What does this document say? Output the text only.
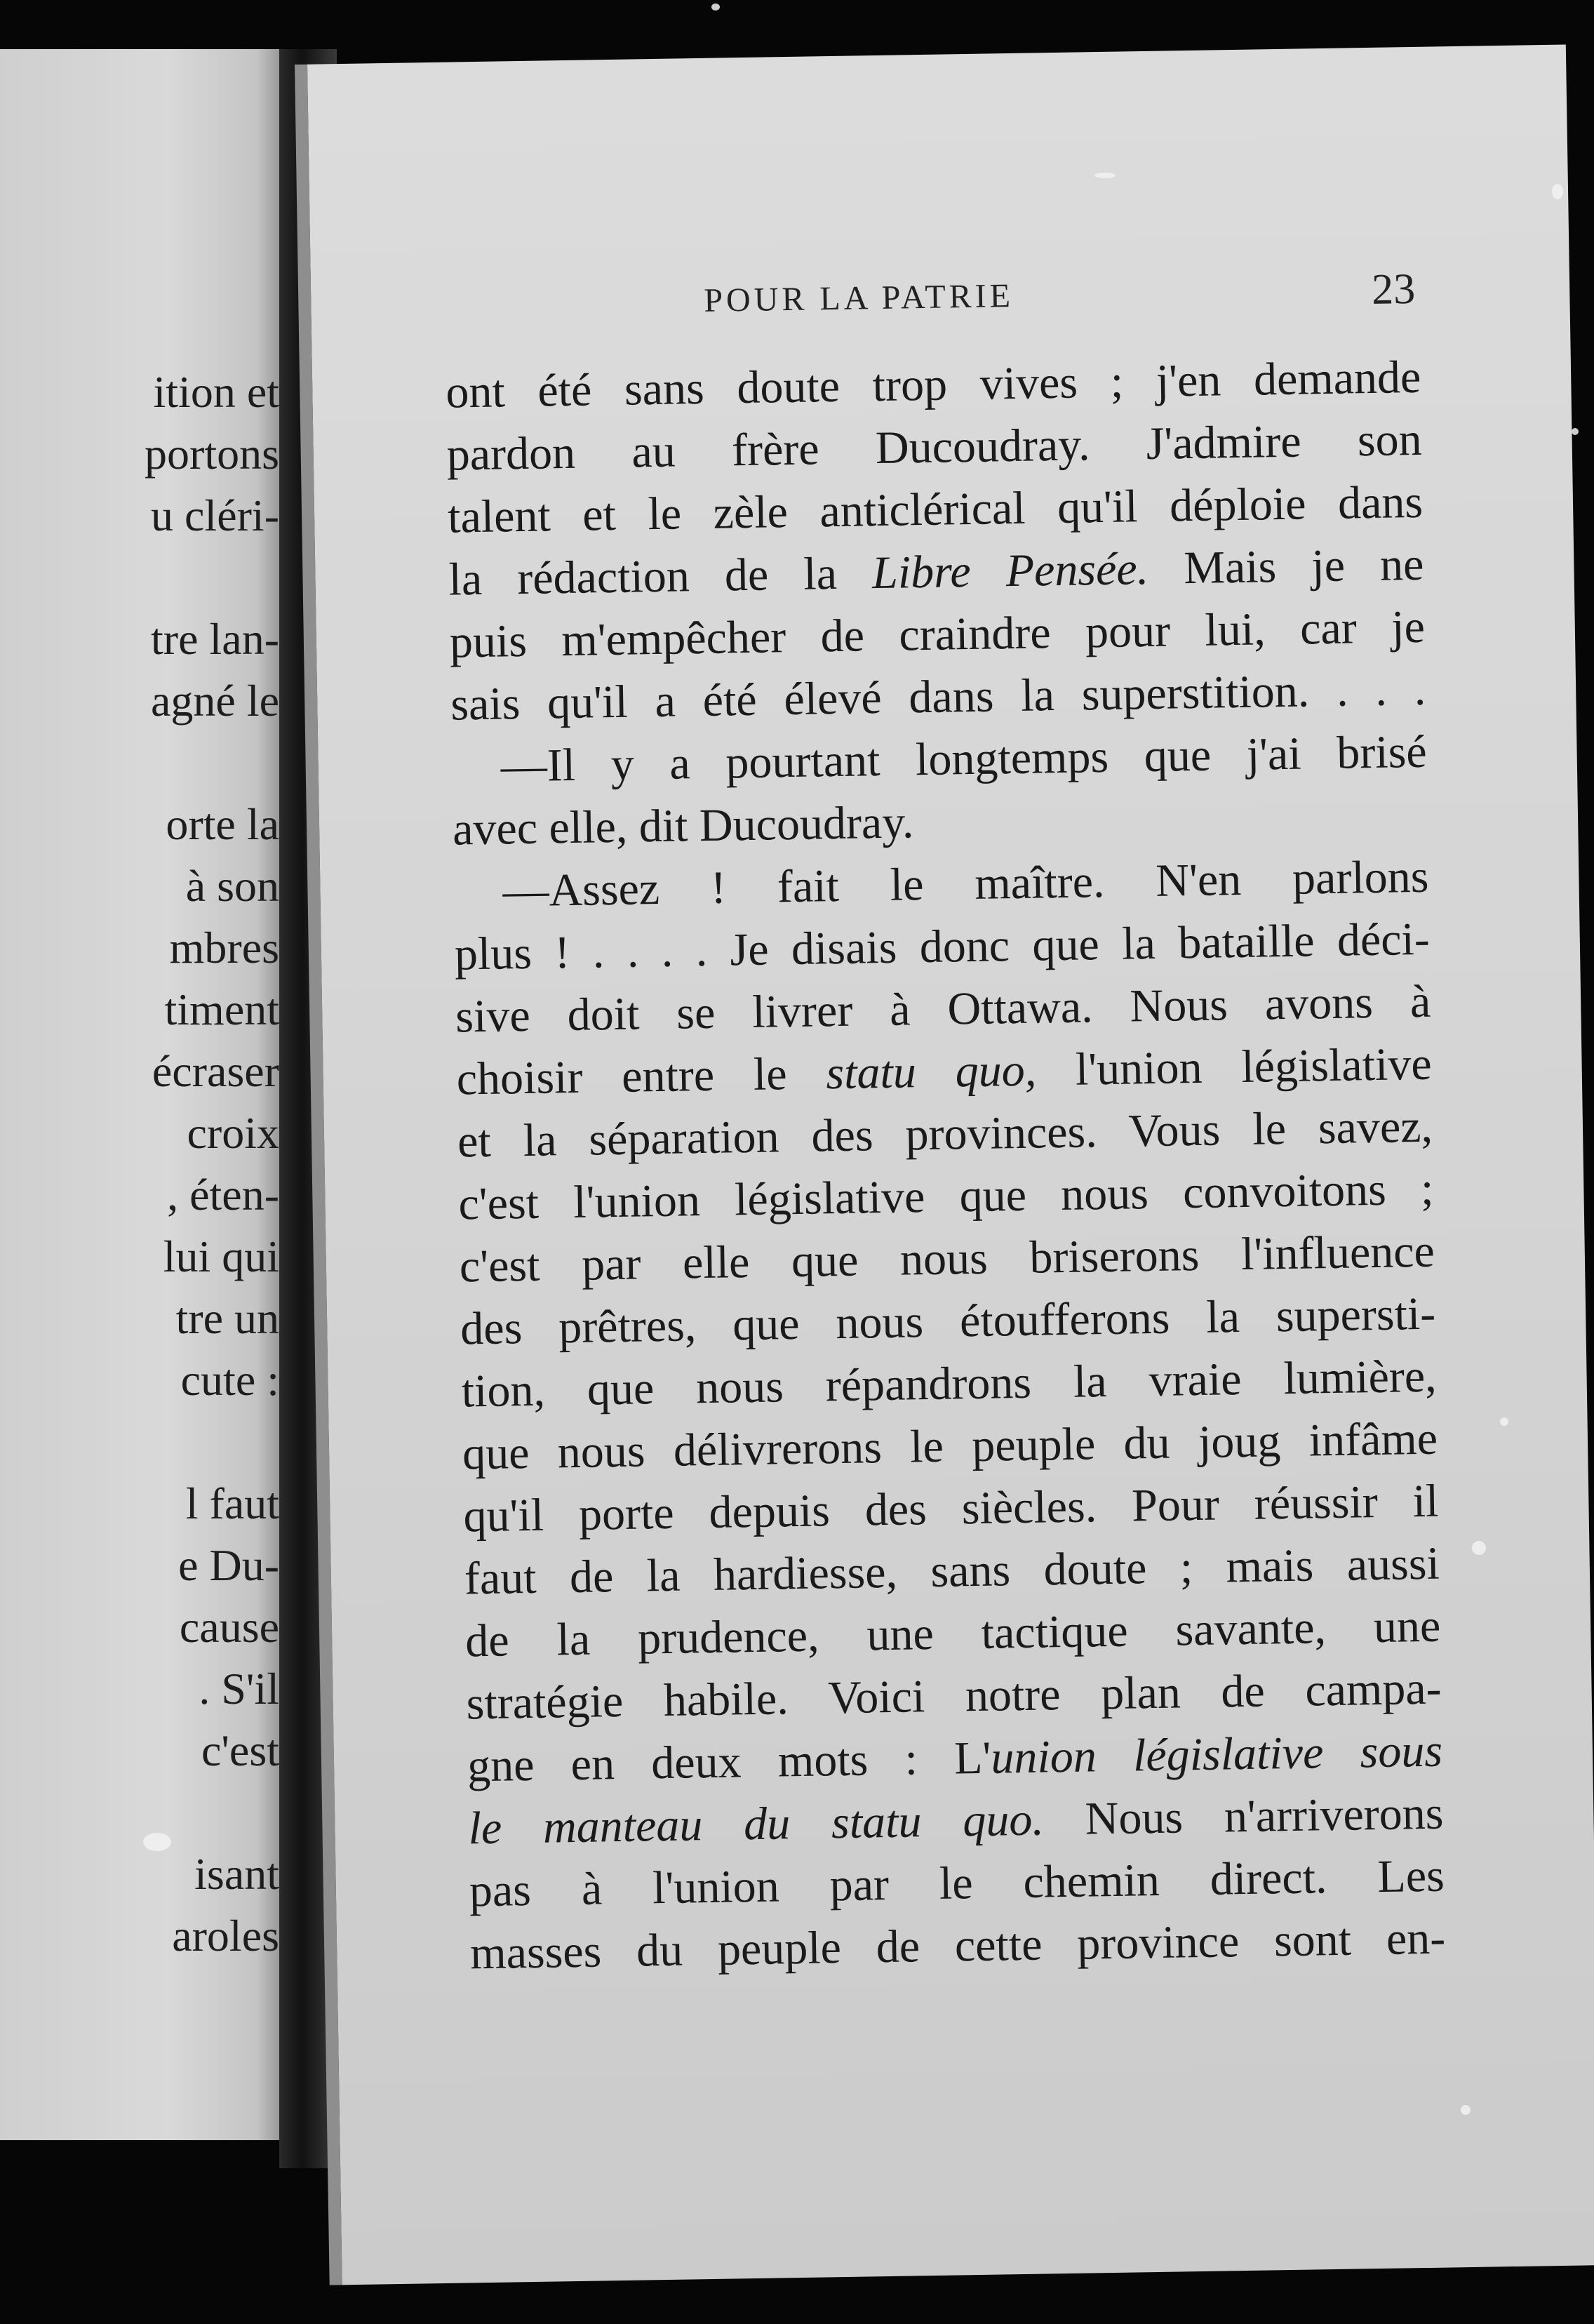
ition et
portons
u cléri-
tre lan-
agné le
orte la
à son
mbres
timent
écraser
croix
, éten-
lui qui
tre un
cute :
l faut
e Du-
cause
. S'il
c'est
isant
aroles
POUR LA PATRIE	23
ont été sans doute trop vives ; j'en demande
pardon au frère Ducoudray. J'admire son
talent et le zèle anticlérical qu'il déploie dans
la rédaction de la Libre Pensée. Mais je ne
puis m'empêcher de craindre pour lui, car je
sais qu'il a été élevé dans la superstition. . . .
—Il y a pourtant longtemps que j'ai brisé
avec elle, dit Ducoudray.
—Assez ! fait le maître. N'en parlons
plus ! . . . . Je disais donc que la bataille déci-
sive doit se livrer à Ottawa. Nous avons à
choisir entre le statu quo, l'union législative
et la séparation des provinces. Vous le savez,
c'est l'union législative que nous convoitons ;
c'est par elle que nous briserons l'influence
des prêtres, que nous étoufferons la supersti-
tion, que nous répandrons la vraie lumière,
que nous délivrerons le peuple du joug infâme
qu'il porte depuis des siècles. Pour réussir il
faut de la hardiesse, sans doute ; mais aussi
de la prudence, une tactique savante, une
stratégie habile. Voici notre plan de campa-
gne en deux mots : L'union législative sous
le manteau du statu quo. Nous n'arriverons
pas à l'union par le chemin direct. Les
masses du peuple de cette province sont en-
